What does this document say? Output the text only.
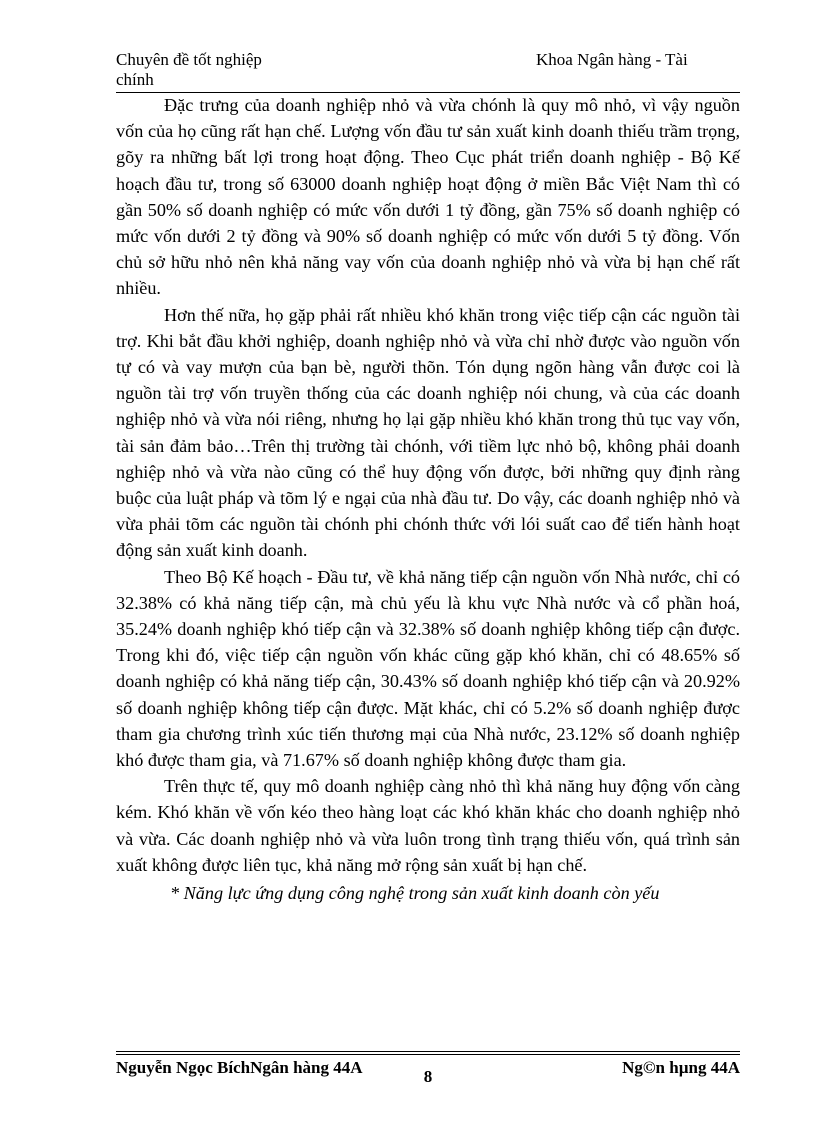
Chuyên đề tốt nghiệp chính
Khoa Ngân hàng - Tài

Đặc trưng của doanh nghiệp nhỏ và vừa chónh là quy mô nhỏ, vì vậy nguồn vốn của họ cũng rất hạn chế. Lượng vốn đầu tư sản xuất kinh doanh thiếu trầm trọng, gõy ra những bất lợi trong hoạt động. Theo Cục phát triển doanh nghiệp - Bộ Kế hoạch đầu tư, trong số 63000 doanh nghiệp hoạt động ở miền Bắc Việt Nam thì có gần 50% số doanh nghiệp có mức vốn dưới 1 tỷ đồng, gần 75% số doanh nghiệp có mức vốn dưới 2 tỷ đồng và 90% số doanh nghiệp có mức vốn dưới 5 tỷ đồng. Vốn chủ sở hữu nhỏ nên khả năng vay vốn của doanh nghiệp nhỏ và vừa bị hạn chế rất nhiều.

Hơn thế nữa, họ gặp phải rất nhiều khó khăn trong việc tiếp cận các nguồn tài trợ. Khi bắt đầu khởi nghiệp, doanh nghiệp nhỏ và vừa chỉ nhờ được vào nguồn vốn tự có và vay mượn của bạn bè, người thõn. Tón dụng ngõn hàng vẫn được coi là nguồn tài trợ vốn truyền thống của các doanh nghiệp nói chung, và của các doanh nghiệp nhỏ và vừa nói riêng, nhưng họ lại gặp nhiều khó khăn trong thủ tục vay vốn, tài sản đảm bảo…Trên thị trường tài chónh, với tiềm lực nhỏ bộ, không phải doanh nghiệp nhỏ và vừa nào cũng có thể huy động vốn được, bởi những quy định ràng buộc của luật pháp và tõm lý e ngại của nhà đầu tư. Do vậy, các doanh nghiệp nhỏ và vừa phải tõm các nguồn tài chónh phi chónh thức với lói suất cao để tiến hành hoạt động sản xuất kinh doanh.

Theo Bộ Kế hoạch - Đầu tư, về khả năng tiếp cận nguồn vốn Nhà nước, chỉ có 32.38% có khả năng tiếp cận, mà chủ yếu là khu vực Nhà nước và cổ phần hoá, 35.24% doanh nghiệp khó tiếp cận và 32.38% số doanh nghiệp không tiếp cận được. Trong khi đó, việc tiếp cận nguồn vốn khác cũng gặp khó khăn, chỉ có 48.65% số doanh nghiệp có khả năng tiếp cận, 30.43% số doanh nghiệp khó tiếp cận và 20.92% số doanh nghiệp không tiếp cận được. Mặt khác, chỉ có 5.2% số doanh nghiệp được tham gia chương trình xúc tiến thương mại của Nhà nước, 23.12% số doanh nghiệp khó được tham gia, và 71.67% số doanh nghiệp không được tham gia.

Trên thực tế, quy mô doanh nghiệp càng nhỏ thì khả năng huy động vốn càng kém. Khó khăn về vốn kéo theo hàng loạt các khó khăn khác cho doanh nghiệp nhỏ và vừa. Các doanh nghiệp nhỏ và vừa luôn trong tình trạng thiếu vốn, quá trình sản xuất không được liên tục, khả năng mở rộng sản xuất bị hạn chế.

* Năng lực ứng dụng công nghệ trong sản xuất kinh doanh còn yếu

Nguyễn Ngọc BíchNgân hàng 44A	8	Ng©n hµng 44A
